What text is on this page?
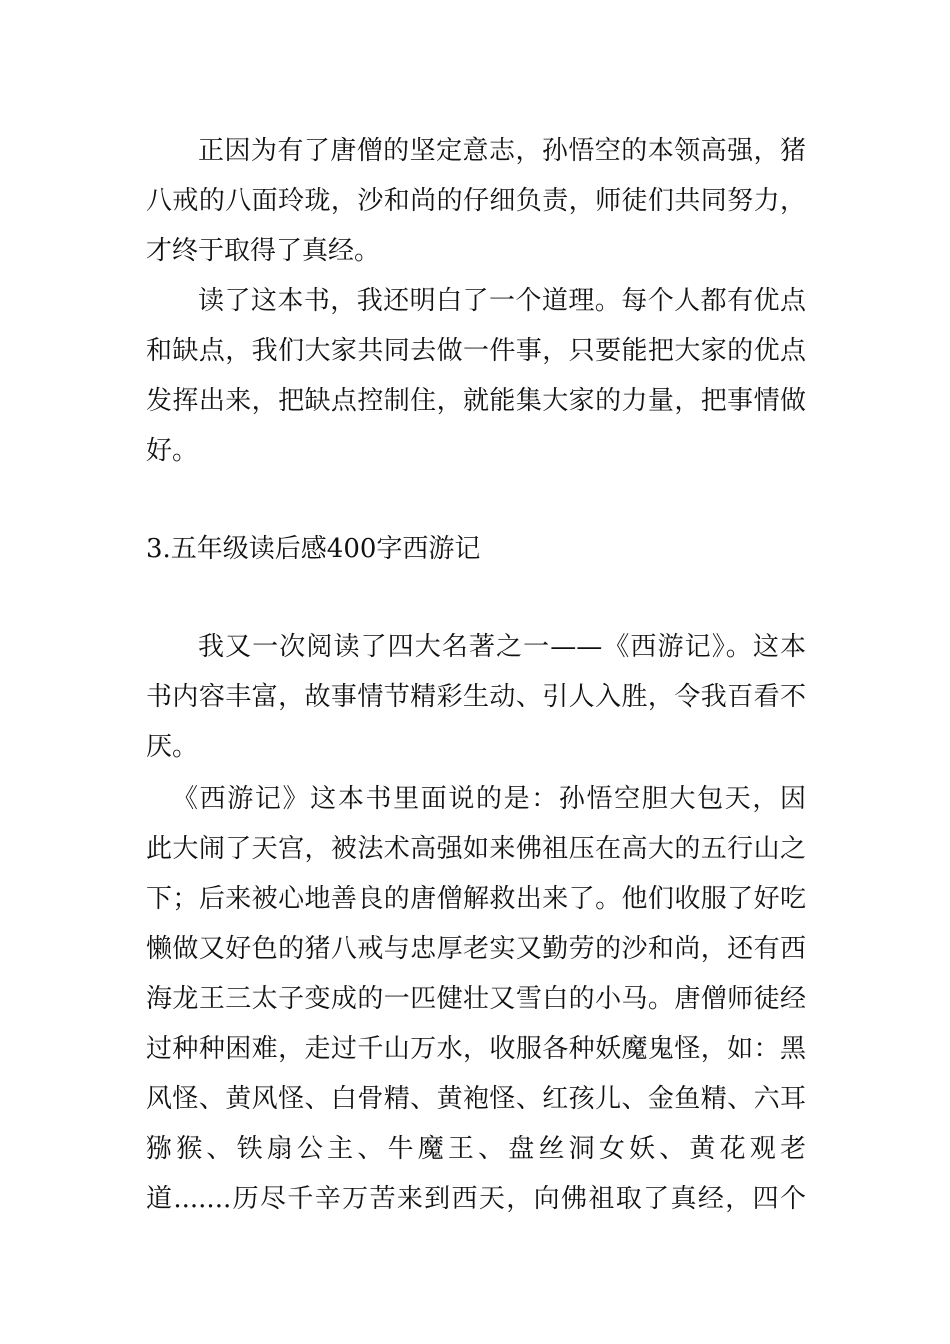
正因为有了唐僧的坚定意志，孙悟空的本领高强，猪
八戒的八面玲珑，沙和尚的仔细负责，师徒们共同努力，
才终于取得了真经。
读了这本书，我还明白了一个道理。每个人都有优点
和缺点，我们大家共同去做一件事，只要能把大家的优点
发挥出来，把缺点控制住，就能集大家的力量，把事情做
好。
3.五年级读后感400字西游记
我又一次阅读了四大名著之一——《西游记》。这本
书内容丰富，故事情节精彩生动、引人入胜，令我百看不
厌。
《西游记》这本书里面说的是：孙悟空胆大包天，因
此大闹了天宫，被法术高强如来佛祖压在高大的五行山之
下；后来被心地善良的唐僧解救出来了。他们收服了好吃
懒做又好色的猪八戒与忠厚老实又勤劳的沙和尚，还有西
海龙王三太子变成的一匹健壮又雪白的小马。唐僧师徒经
过种种困难，走过千山万水，收服各种妖魔鬼怪，如：黑
风怪、黄风怪、白骨精、黄袍怪、红孩儿、金鱼精、六耳
猕猴、铁扇公主、牛魔王、盘丝洞女妖、黄花观老
道.......历尽千辛万苦来到西天，向佛祖取了真经，四个
